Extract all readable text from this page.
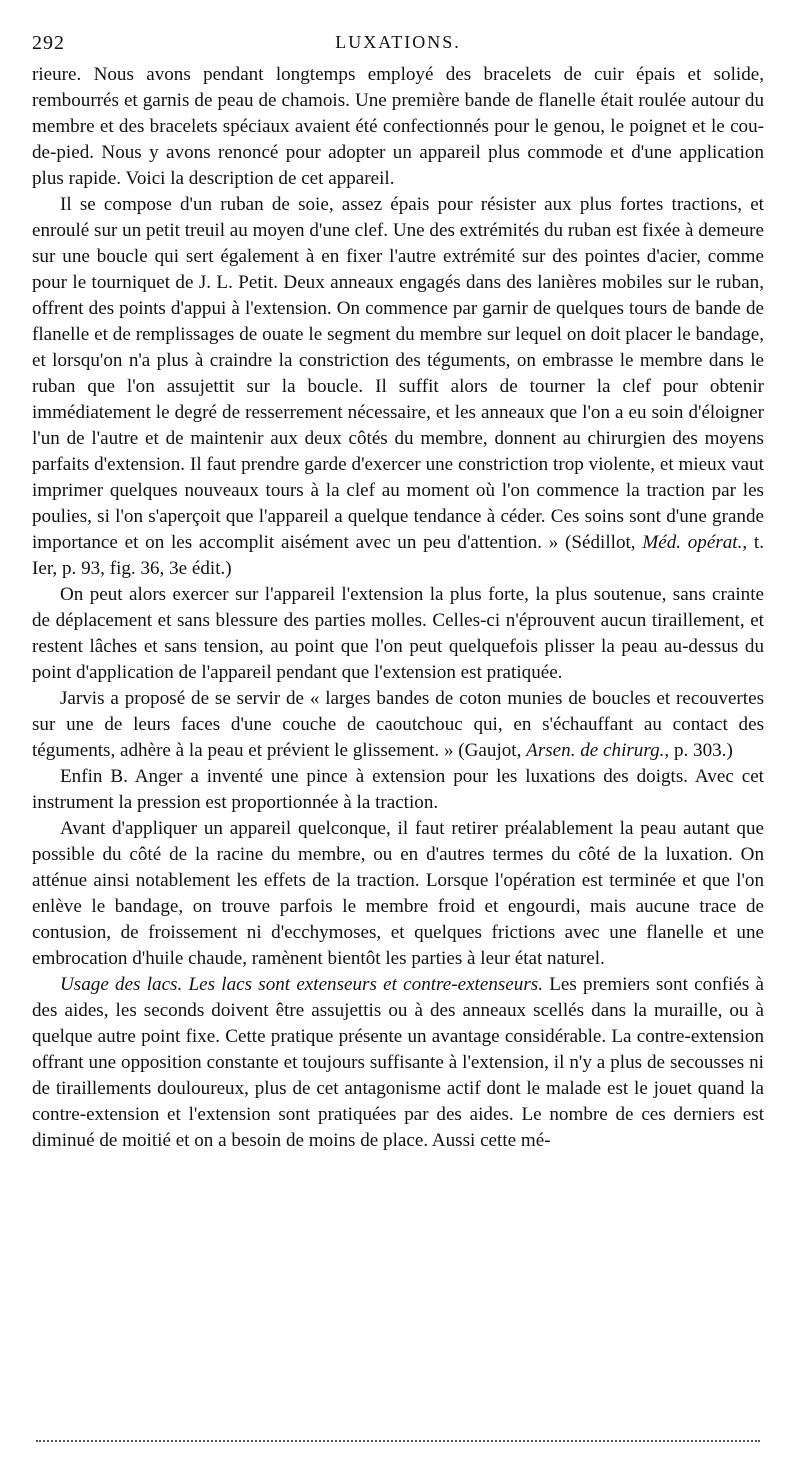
292	LUXATIONS.

rieure. Nous avons pendant longtemps employé des bracelets de cuir épais et solide, rembourrés et garnis de peau de chamois. Une première bande de flanelle était roulée autour du membre et des bracelets spéciaux avaient été confectionnés pour le genou, le poignet et le cou-de-pied. Nous y avons renoncé pour adopter un appareil plus commode et d'une application plus rapide. Voici la description de cet appareil.

Il se compose d'un ruban de soie, assez épais pour résister aux plus fortes tractions, et enroulé sur un petit treuil au moyen d'une clef. Une des extrémités du ruban est fixée à demeure sur une boucle qui sert également à en fixer l'autre extrémité sur des pointes d'acier, comme pour le tourniquet de J. L. Petit. Deux anneaux engagés dans des lanières mobiles sur le ruban, offrent des points d'appui à l'extension. On commence par garnir de quelques tours de bande de flanelle et de remplissages de ouate le segment du membre sur lequel on doit placer le bandage, et lorsqu'on n'a plus à craindre la constriction des téguments, on embrasse le membre dans le ruban que l'on assujettit sur la boucle. Il suffit alors de tourner la clef pour obtenir immédiatement le degré de resserrement nécessaire, et les anneaux que l'on a eu soin d'éloigner l'un de l'autre et de maintenir aux deux côtés du membre, donnent au chirurgien des moyens parfaits d'extension. Il faut prendre garde d'exercer une constriction trop violente, et mieux vaut imprimer quelques nouveaux tours à la clef au moment où l'on commence la traction par les poulies, si l'on s'aperçoit que l'appareil a quelque tendance à céder. Ces soins sont d'une grande importance et on les accomplit aisément avec un peu d'attention. » (Sédillot, Méd. opérat., t. Ier, p. 93, fig. 36, 3e édit.)

On peut alors exercer sur l'appareil l'extension la plus forte, la plus soutenue, sans crainte de déplacement et sans blessure des parties molles. Celles-ci n'éprouvent aucun tiraillement, et restent lâches et sans tension, au point que l'on peut quelquefois plisser la peau au-dessus du point d'application de l'appareil pendant que l'extension est pratiquée.

Jarvis a proposé de se servir de « larges bandes de coton munies de boucles et recouvertes sur une de leurs faces d'une couche de caoutchouc qui, en s'échauffant au contact des téguments, adhère à la peau et prévient le glissement. » (Gaujot, Arsen. de chirurg., p. 303.)

Enfin B. Anger a inventé une pince à extension pour les luxations des doigts. Avec cet instrument la pression est proportionnée à la traction.

Avant d'appliquer un appareil quelconque, il faut retirer préalablement la peau autant que possible du côté de la racine du membre, ou en d'autres termes du côté de la luxation. On atténue ainsi notablement les effets de la traction. Lorsque l'opération est terminée et que l'on enlève le bandage, on trouve parfois le membre froid et engourdi, mais aucune trace de contusion, de froissement ni d'ecchymoses, et quelques frictions avec une flanelle et une embrocation d'huile chaude, ramènent bientôt les parties à leur état naturel.

Usage des lacs. Les lacs sont extenseurs et contre-extenseurs. Les premiers sont confiés à des aides, les seconds doivent être assujettis ou à des anneaux scellés dans la muraille, ou à quelque autre point fixe. Cette pratique présente un avantage considérable. La contre-extension offrant une opposition constante et toujours suffisante à l'extension, il n'y a plus de secousses ni de tiraillements douloureux, plus de cet antagonisme actif dont le malade est le jouet quand la contre-extension et l'extension sont pratiquées par des aides. Le nombre de ces derniers est diminué de moitié et on a besoin de moins de place. Aussi cette mé-
